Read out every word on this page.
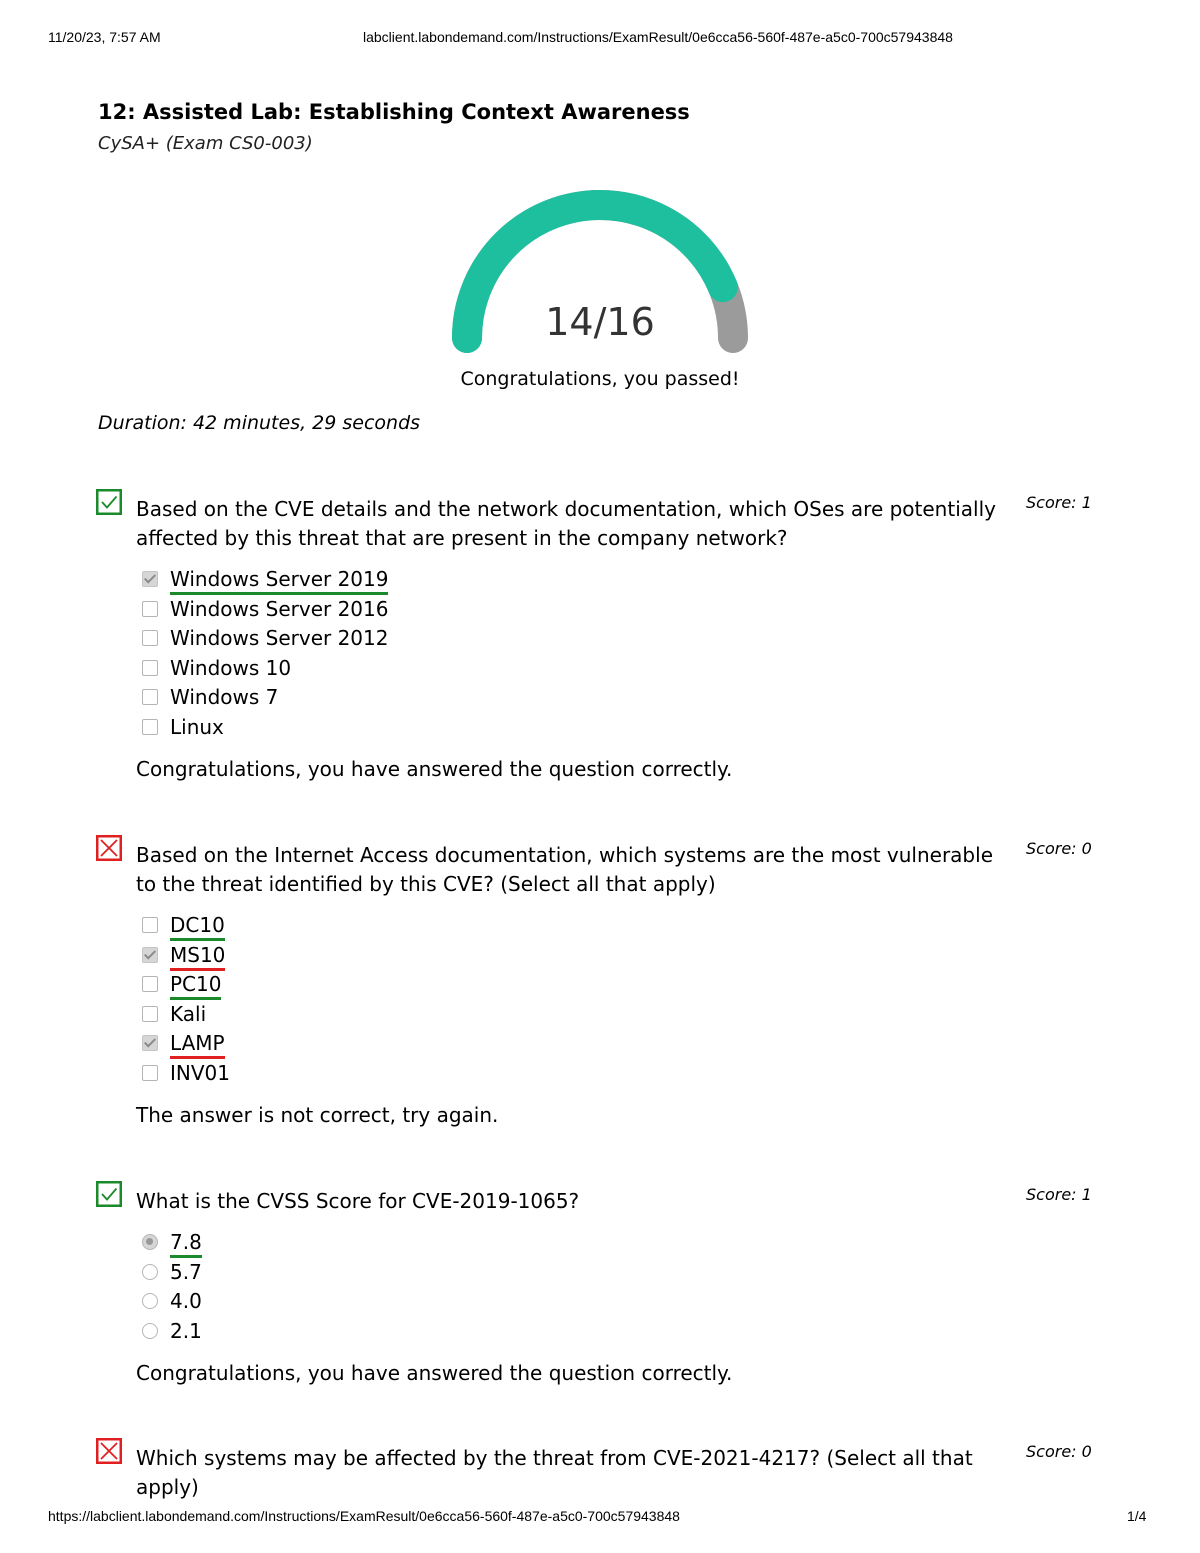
11/20/23, 7:57 AM	labclient.labondemand.com/Instructions/ExamResult/0e6cca56-560f-487e-a5c0-700c57943848
12: Assisted Lab: Establishing Context Awareness
CySA+ (Exam CS0-003)
14/16
Congratulations, you passed!
Duration: 42 minutes, 29 seconds
Based on the CVE details and the network documentation, which OSes are potentially affected by this threat that are present in the company network?
Score: 1
Windows Server 2019
Windows Server 2016
Windows Server 2012
Windows 10
Windows 7
Linux
Congratulations, you have answered the question correctly.
Based on the Internet Access documentation, which systems are the most vulnerable to the threat identified by this CVE? (Select all that apply)
Score: 0
DC10
MS10
PC10
Kali
LAMP
INV01
The answer is not correct, try again.
What is the CVSS Score for CVE-2019-1065?	Score: 1
7.8
5.7
4.0
2.1
Congratulations, you have answered the question correctly.
Which systems may be affected by the threat from CVE-2021-4217? (Select all that apply)
Score: 0
https://labclient.labondemand.com/Instructions/ExamResult/0e6cca56-560f-487e-a5c0-700c57943848	1/4
